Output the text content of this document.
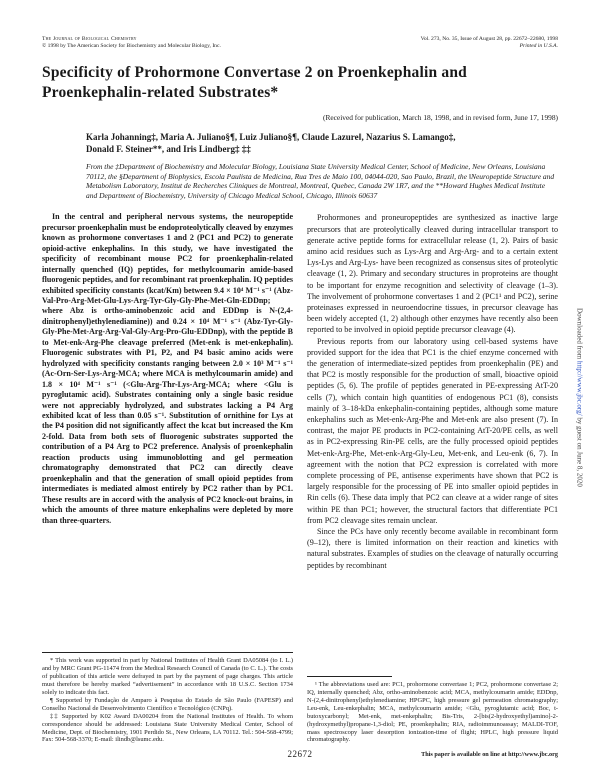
The Journal of Biological Chemistry
© 1998 by The American Society for Biochemistry and Molecular Biology, Inc.
Vol. 273, No. 35, Issue of August 28, pp. 22672–22680, 1998
Printed in U.S.A.
Specificity of Prohormone Convertase 2 on Proenkephalin and Proenkephalin-related Substrates*
(Received for publication, March 18, 1998, and in revised form, June 17, 1998)
Karla Johanning‡, Maria A. Juliano§¶, Luiz Juliano§¶, Claude Lazure‖, Nazarius S. Lamango‡,
Donald F. Steiner**, and Iris Lindberg‡ ‡‡
From the ‡Department of Biochemistry and Molecular Biology, Louisiana State University Medical Center, School of Medicine, New Orleans, Louisiana 70112, the §Department of Biophysics, Escola Paulista de Medicina, Rua Tres de Maio 100, 04044-020, Sao Paulo, Brazil, the ‖Neuropeptide Structure and Metabolism Laboratory, Institut de Recherches Cliniques de Montreal, Montreal, Quebec, Canada 2W 1R7, and the **Howard Hughes Medical Institute and Department of Biochemistry, University of Chicago Medical School, Chicago, Illinois 60637

In the central and peripheral nervous systems, the neuropeptide precursor proenkephalin must be endoproteolytically cleaved by enzymes known as prohormone convertases 1 and 2 (PC1 and PC2) to generate opioid-active enkephalins. In this study, we have investigated the specificity of recombinant mouse PC2 for proenkephalin-related internally quenched (IQ) peptides, for methylcoumarin amide-based fluorogenic peptides, and for recombinant rat proenkephalin. IQ peptides exhibited specificity constants (kcat/Km) between 9.4 × 10⁴ M⁻¹ s⁻¹ (Abz-Val-Pro-Arg-Met-Glu-Lys-Arg-Tyr-Gly-Gly-Phe-Met-Gln-EDDnp; where Abz is ortho-aminobenzoic acid and EDDnp is N-(2,4-dinitrophenyl)ethylenediamine)) and 0.24 × 10⁴ M⁻¹ s⁻¹ (Abz-Tyr-Gly-Gly-Phe-Met-Arg-Arg-Val-Gly-Arg-Pro-Glu-EDDnp), with the peptide B to Met-enk-Arg-Phe cleavage preferred (Met-enk is met-enkephalin). Fluorogenic substrates with P1, P2, and P4 basic amino acids were hydrolyzed with specificity constants ranging between 2.0 × 10³ M⁻¹ s⁻¹ (Ac-Orn-Ser-Lys-Arg-MCA; where MCA is methylcoumarin amide) and 1.8 × 10⁴ M⁻¹ s⁻¹ (<Glu-Arg-Thr-Lys-Arg-MCA; where <Glu is pyroglutamic acid). Substrates containing only a single basic residue were not appreciably hydrolyzed, and substrates lacking a P4 Arg exhibited kcat of less than 0.05 s⁻¹. Substitution of ornithine for Lys at the P4 position did not significantly affect the kcat but increased the Km 2-fold. Data from both sets of fluorogenic substrates supported the contribution of a P4 Arg to PC2 preference. Analysis of proenkephalin reaction products using immunoblotting and gel permeation chromatography demonstrated that PC2 can directly cleave proenkephalin and that the generation of small opioid peptides from intermediates is mediated almost entirely by PC2 rather than by PC1. These results are in accord with the analysis of PC2 knock-out brains, in which the amounts of three mature enkephalins were depleted by more than three-quarters.

* This work was supported in part by National Institutes of Health Grant DA05084 (to I. L.) and by MRC Grant PG-11474 from the Medical Research Council of Canada (to C. L.). The costs of publication of this article were defrayed in part by the payment of page charges. This article must therefore be hereby marked “advertisement” in accordance with 18 U.S.C. Section 1734 solely to indicate this fact.

¶ Supported by Fundação de Amparo à Pesquisa do Estado de São Paulo (FAPESP) and Conselho Nacional de Desenvolvimento Científico e Tecnológico (CNPq).

‡‡ Supported by K02 Award DA00204 from the National Institutes of Health. To whom correspondence should be addressed: Louisiana State University Medical Center, School of Medicine, Dept. of Biochemistry, 1901 Perdido St., New Orleans, LA 70112. Tel.: 504-568-4799; Fax: 504-568-3370; E-mail: ilindb@lsumc.edu.

Prohormones and proneuropeptides are synthesized as inactive large precursors that are proteolytically cleaved during intracellular transport to generate active peptide forms for extracellular release (1, 2). Pairs of basic amino acid residues such as Lys-Arg and Arg-Arg- and to a certain extent Lys-Lys and Arg-Lys- have been recognized as consensus sites of proteolytic cleavage (1, 2). Primary and secondary structures in proproteins are thought to be important for enzyme recognition and selectivity of cleavage (1–3). The involvement of prohormone convertases 1 and 2 (PC1¹ and PC2), serine proteinases expressed in neuroendocrine tissues, in precursor cleavage has been widely accepted (1, 2) although other enzymes have recently also been reported to be involved in opioid peptide precursor cleavage (4).

Previous reports from our laboratory using cell-based systems have provided support for the idea that PC1 is the chief enzyme concerned with the generation of intermediate-sized peptides from proenkephalin (PE) and that PC2 is mostly responsible for the production of small, bioactive opioid peptides (5, 6). The profile of peptides generated in PE-expressing AtT-20 cells (7), which contain high quantities of endogenous PC1 (8), consists mainly of 3–18-kDa enkephalin-containing peptides, although some mature enkephalins such as Met-enk-Arg-Phe and Met-enk are also present (7). In contrast, the major PE products in PC2-containing AtT-20/PE cells, as well as in PC2-expressing Rin-PE cells, are the fully processed opioid peptides Met-enk-Arg-Phe, Met-enk-Arg-Gly-Leu, Met-enk, and Leu-enk (6, 7). In agreement with the notion that PC2 expression is correlated with more complete processing of PE, antisense experiments have shown that PC2 is largely responsible for the processing of PE into smaller opioid peptides in Rin cells (6). These data imply that PC2 can cleave at a wider range of sites within PE than PC1; however, the structural factors that differentiate PC1 from PC2 cleavage sites remain unclear.

Since the PCs have only recently become available in recombinant form (9–12), there is limited information on their reaction and kinetics with natural substrates. Examples of studies on the cleavage of naturally occurring peptides by recombinant

¹ The abbreviations used are: PC1, prohormone convertase 1; PC2, prohormone convertase 2; IQ, internally quenched; Abz, ortho-aminobenzoic acid; MCA, methylcoumarin amide; EDDnp, N-(2,4-dinitrophenyl)ethylenediamine; HPGPC, high pressure gel permeation chromatography; Leu-enk, Leu-enkephalin; MCA, methylcoumarin amide; <Glu, pyroglutamic acid; Boc, t-butoxycarbonyl; Met-enk, met-enkephalin; Bis-Tris, 2-[bis(2-hydroxyethyl)amino]-2-(hydroxymethyl)propane-1,3-diol; PE, proenkephalin; RIA, radioimmunoassay; MALDI-TOF, mass spectroscopy laser desorption ionization-time of flight; HPLC, high pressure liquid chromatography.

22672	This paper is available on line at http://www.jbc.org
Downloaded from http://www.jbc.org/ by guest on June 8, 2020
